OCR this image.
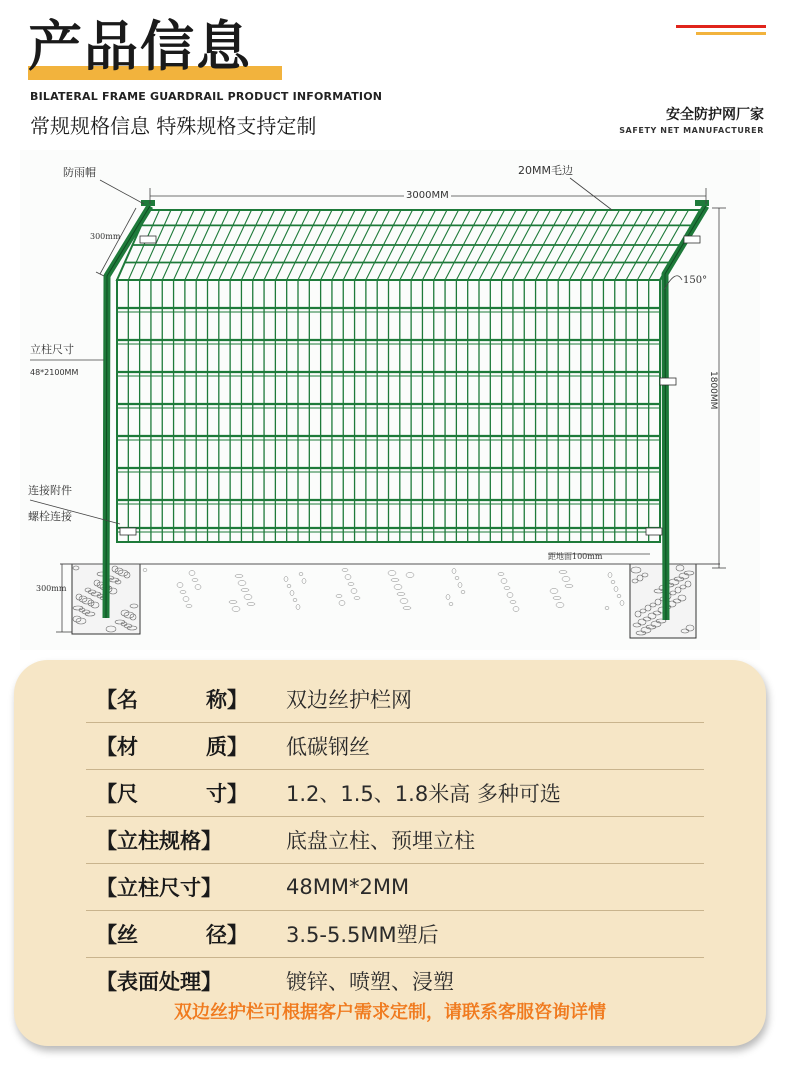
产品信息
BILATERAL FRAME GUARDRAIL PRODUCT INFORMATION
常规规格信息 特殊规格支持定制	安全防护网厂家
SAFETY NET MANUFACTURER
防雨帽	20MM毛边
3000MM
300mm
150°
1800MM
立柱尺寸
48*2100MM
连接附件
螺栓连接
距地面100mm
300mm
【名	称】 双边丝护栏网
【材	质】 低碳钢丝
【尺	寸】 1.2、1.5、1.8米高 多种可选
【立柱规格】	底盘立柱、预埋立柱
【立柱尺寸】	48MM*2MM
【丝	径】 3.5-5.5MM塑后
【表面处理】	镀锌、喷塑、浸塑
双边丝护栏可根据客户需求定制，请联系客服咨询详情
